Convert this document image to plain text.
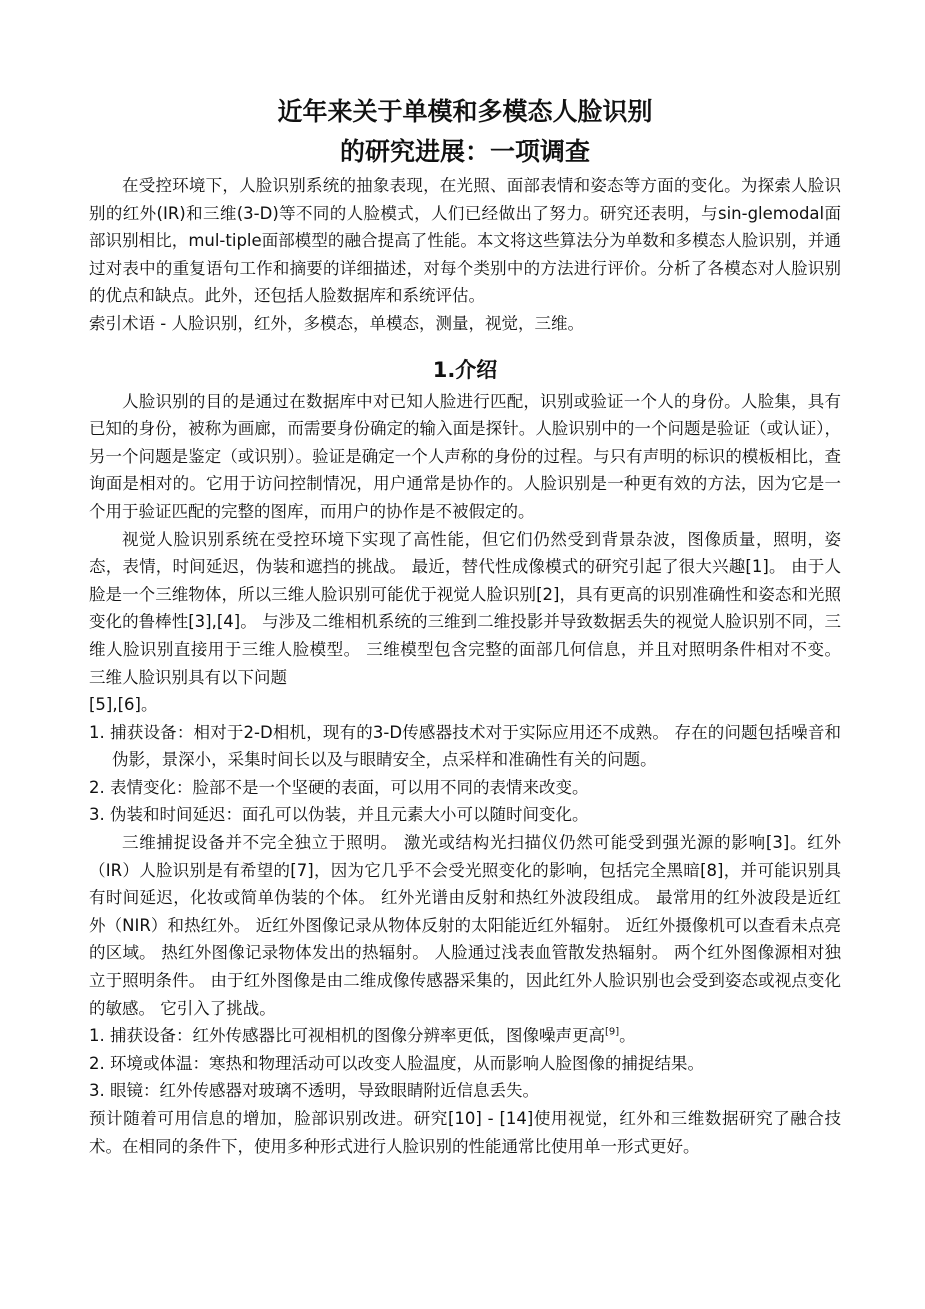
近年来关于单模和多模态人脸识别
的研究进展：一项调查

在受控环境下，人脸识别系统的抽象表现，在光照、面部表情和姿态等方面的变化。为探索人脸识别的红外(IR)和三维(3-D)等不同的人脸模式，人们已经做出了努力。研究还表明，与sin-glemodal面部识别相比，mul-tiple面部模型的融合提高了性能。本文将这些算法分为单数和多模态人脸识别，并通过对表中的重复语句工作和摘要的详细描述，对每个类别中的方法进行评价。分析了各模态对人脸识别的优点和缺点。此外，还包括人脸数据库和系统评估。

索引术语 - 人脸识别，红外，多模态，单模态，测量，视觉，三维。

1.介绍

人脸识别的目的是通过在数据库中对已知人脸进行匹配，识别或验证一个人的身份。人脸集，具有已知的身份，被称为画廊，而需要身份确定的输入面是探针。人脸识别中的一个问题是验证（或认证），另一个问题是鉴定（或识别）。验证是确定一个人声称的身份的过程。与只有声明的标识的模板相比，查询面是相对的。它用于访问控制情况，用户通常是协作的。人脸识别是一种更有效的方法，因为它是一个用于验证匹配的完整的图库，而用户的协作是不被假定的。

视觉人脸识别系统在受控环境下实现了高性能，但它们仍然受到背景杂波，图像质量，照明，姿态，表情，时间延迟，伪装和遮挡的挑战。 最近，替代性成像模式的研究引起了很大兴趣[1]。 由于人脸是一个三维物体，所以三维人脸识别可能优于视觉人脸识别[2]，具有更高的识别准确性和姿态和光照变化的鲁棒性[3],[4]。 与涉及二维相机系统的三维到二维投影并导致数据丢失的视觉人脸识别不同，三维人脸识别直接用于三维人脸模型。 三维模型包含完整的面部几何信息，并且对照明条件相对不变。 三维人脸识别具有以下问题

[5],[6]。

1. 捕获设备：相对于2-D相机，现有的3-D传感器技术对于实际应用还不成熟。 存在的问题包括噪音和伪影，景深小，采集时间长以及与眼睛安全，点采样和准确性有关的问题。

2. 表情变化：脸部不是一个坚硬的表面，可以用不同的表情来改变。

3. 伪装和时间延迟：面孔可以伪装，并且元素大小可以随时间变化。

三维捕捉设备并不完全独立于照明。 激光或结构光扫描仪仍然可能受到强光源的影响[3]。红外（IR）人脸识别是有希望的[7]，因为它几乎不会受光照变化的影响，包括完全黑暗[8]，并可能识别具有时间延迟，化妆或简单伪装的个体。 红外光谱由反射和热红外波段组成。 最常用的红外波段是近红外（NIR）和热红外。 近红外图像记录从物体反射的太阳能近红外辐射。 近红外摄像机可以查看未点亮的区域。 热红外图像记录物体发出的热辐射。 人脸通过浅表血管散发热辐射。 两个红外图像源相对独立于照明条件。 由于红外图像是由二维成像传感器采集的，因此红外人脸识别也会受到姿态或视点变化的敏感。 它引入了挑战。

1. 捕获设备：红外传感器比可视相机的图像分辨率更低，图像噪声更高[9]。

2. 环境或体温：寒热和物理活动可以改变人脸温度，从而影响人脸图像的捕捉结果。

3. 眼镜：红外传感器对玻璃不透明，导致眼睛附近信息丢失。

预计随着可用信息的增加，脸部识别改进。研究[10] - [14]使用视觉，红外和三维数据研究了融合技术。在相同的条件下，使用多种形式进行人脸识别的性能通常比使用单一形式更好。
